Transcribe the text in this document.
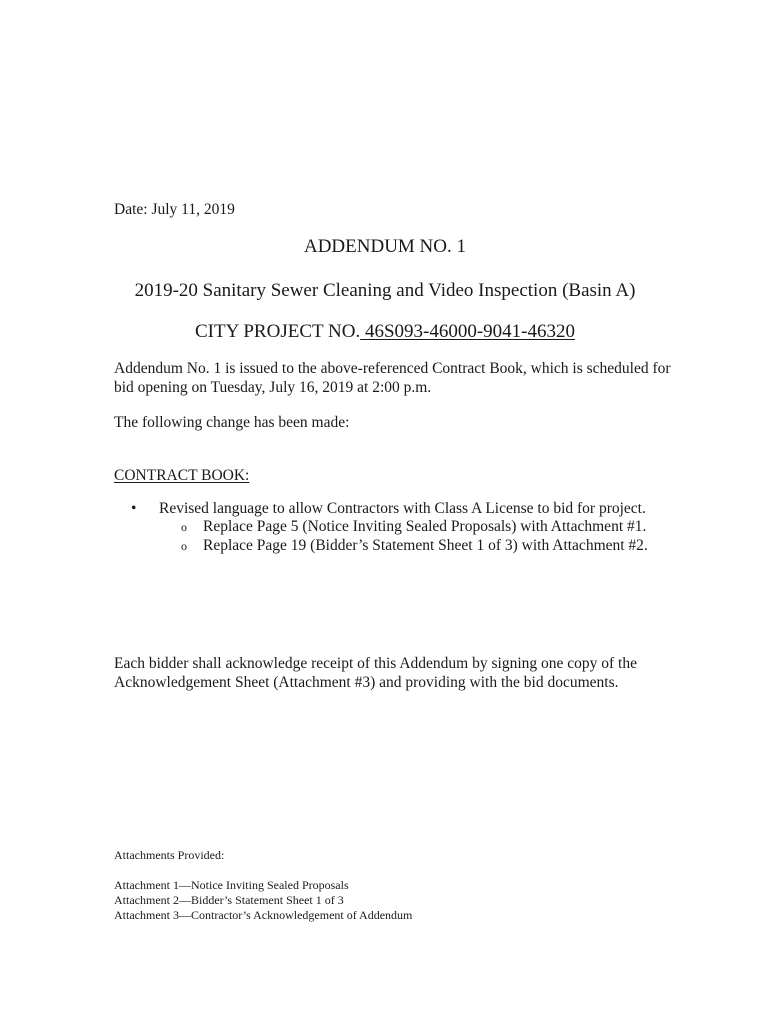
Date: July 11, 2019
ADDENDUM NO. 1
2019-20 Sanitary Sewer Cleaning and Video Inspection (Basin A)
CITY PROJECT NO. 46S093-46000-9041-46320
Addendum No. 1 is issued to the above-referenced Contract Book, which is scheduled for bid opening on Tuesday, July 16, 2019 at 2:00 p.m.
The following change has been made:
CONTRACT BOOK:
• Revised language to allow Contractors with Class A License to bid for project.
o Replace Page 5 (Notice Inviting Sealed Proposals) with Attachment #1.
o Replace Page 19 (Bidder’s Statement Sheet 1 of 3) with Attachment #2.
Each bidder shall acknowledge receipt of this Addendum by signing one copy of the Acknowledgement Sheet (Attachment #3) and providing with the bid documents.
Attachments Provided:
Attachment 1—Notice Inviting Sealed Proposals
Attachment 2—Bidder’s Statement Sheet 1 of 3
Attachment 3—Contractor’s Acknowledgement of Addendum
